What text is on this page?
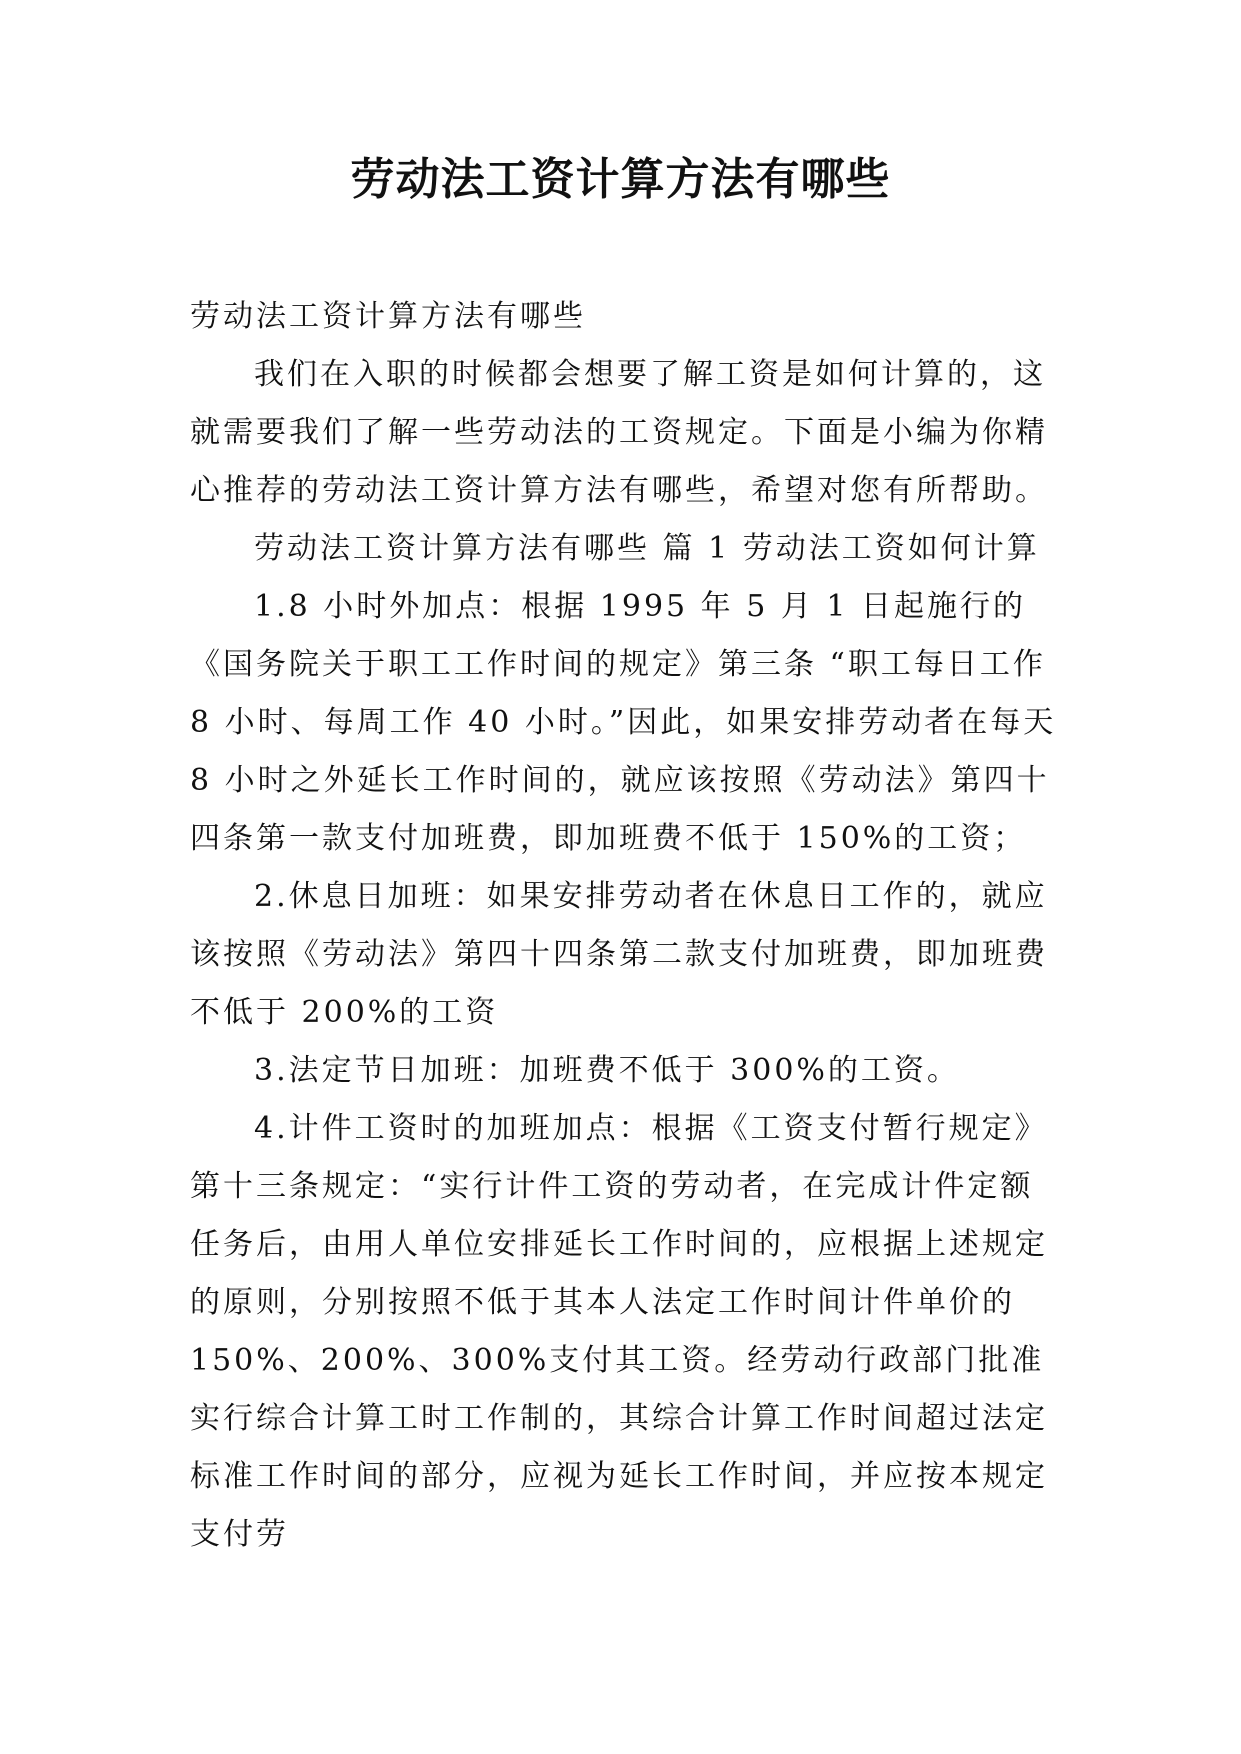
劳动法工资计算方法有哪些

劳动法工资计算方法有哪些

我们在入职的时候都会想要了解工资是如何计算的，这就需要我们了解一些劳动法的工资规定。下面是小编为你精心推荐的劳动法工资计算方法有哪些，希望对您有所帮助。

劳动法工资计算方法有哪些 篇 1 劳动法工资如何计算

1.8 小时外加点：根据 1995 年 5 月 1 日起施行的《国务院关于职工工作时间的规定》第三条 “职工每日工作 8 小时、每周工作 40 小时。”因此，如果安排劳动者在每天 8 小时之外延长工作时间的，就应该按照《劳动法》第四十四条第一款支付加班费，即加班费不低于 150%的工资；

2.休息日加班：如果安排劳动者在休息日工作的，就应该按照《劳动法》第四十四条第二款支付加班费，即加班费不低于 200%的工资

3.法定节日加班：加班费不低于 300%的工资。

4.计件工资时的加班加点：根据《工资支付暂行规定》第十三条规定：“实行计件工资的劳动者，在完成计件定额任务后，由用人单位安排延长工作时间的，应根据上述规定的原则，分别按照不低于其本人法定工作时间计件单价的 150%、200%、300%支付其工资。经劳动行政部门批准实行综合计算工时工作制的，其综合计算工作时间超过法定标准工作时间的部分，应视为延长工作时间，并应按本规定支付劳
